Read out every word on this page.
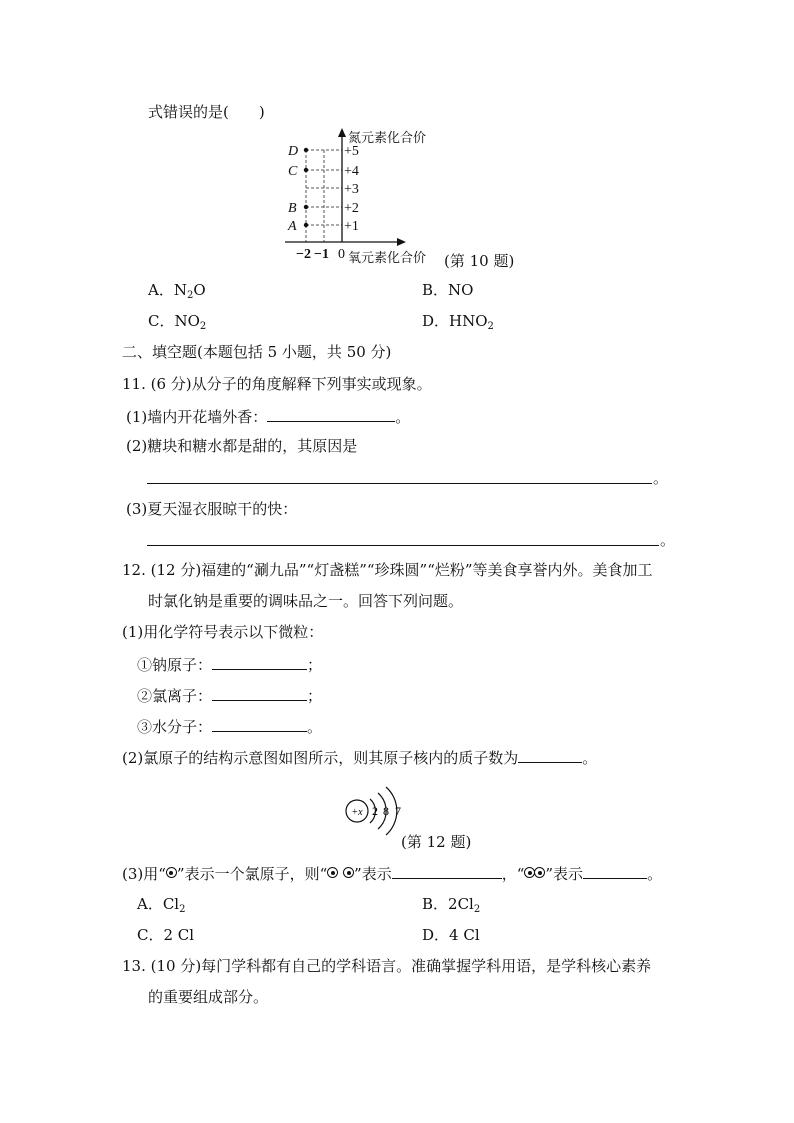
式错误的是(　　)
氮元素化合价
D
C
B
A
+5
+4
+3
+2
+1
−2 −1 0 氧元素化合价 (第 10 题)
A．$N_2O$	B．NO
C．$NO_2$	D．$HNO_2$
二、填空题(本题包括 5 小题，共 50 分)
11. (6 分)从分子的角度解释下列事实或现象。
(1)墙内开花墙外香：	。
(2)糖块和糖水都是甜的，其原因是
。
(3)夏天湿衣服晾干的快：
。
12. (12 分)福建的“涮九品”“灯盏糕”“珍珠圆”“烂粉”等美食享誉内外。美食加工
时氯化钠是重要的调味品之一。回答下列问题。
(1)用化学符号表示以下微粒：
①钠原子：	；
②氯离子：	；
③水分子：	。
(2)氯原子的结构示意图如图所示，则其原子核内的质子数为	。
+x 2 8 7
(第 12 题)
(3)用“ ”表示一个氯原子，则“
”表示	，“ ”表示	。
A．$Cl_2$	B．$2Cl_2$
C．2 Cl	D．4 Cl
13. (10 分)每门学科都有自己的学科语言。准确掌握学科用语，是学科核心素养
的重要组成部分。
